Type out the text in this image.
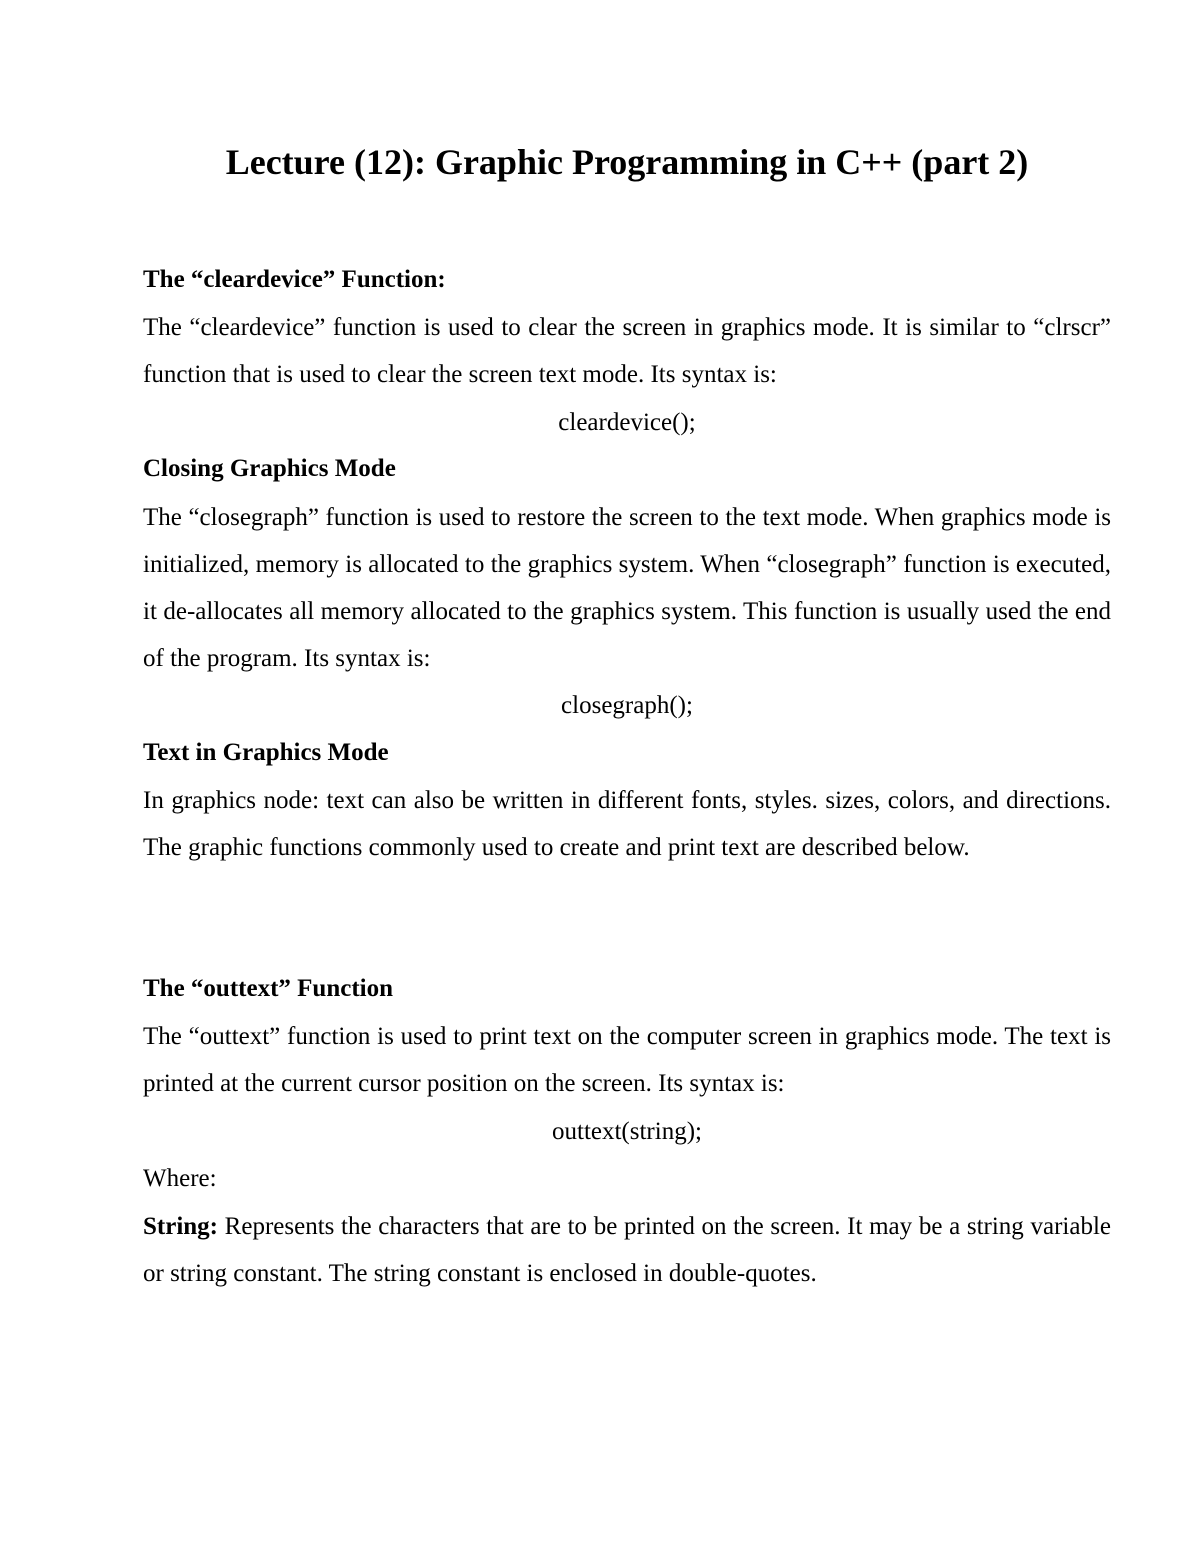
Lecture (12): Graphic Programming in C++ (part 2)
The “cleardevice” Function:

The “cleardevice” function is used to clear the screen in graphics mode. It is similar to “clrscr” function that is used to clear the screen text mode. Its syntax is:

cleardevice();
Closing Graphics Mode

The “closegraph” function is used to restore the screen to the text mode. When graphics mode is initialized, memory is allocated to the graphics system. When “closegraph” function is executed, it de-allocates all memory allocated to the graphics system. This function is usually used the end of the program. Its syntax is:

closegraph();
Text in Graphics Mode

In graphics node: text can also be written in different fonts, styles. sizes, colors, and directions. The graphic functions commonly used to create and print text are described below.

The “outtext” Function

The “outtext” function is used to print text on the computer screen in graphics mode. The text is printed at the current cursor position on the screen. Its syntax is:

outtext(string);
Where:

String: Represents the characters that are to be printed on the screen. It may be a string variable or string constant. The string constant is enclosed in double-quotes.
